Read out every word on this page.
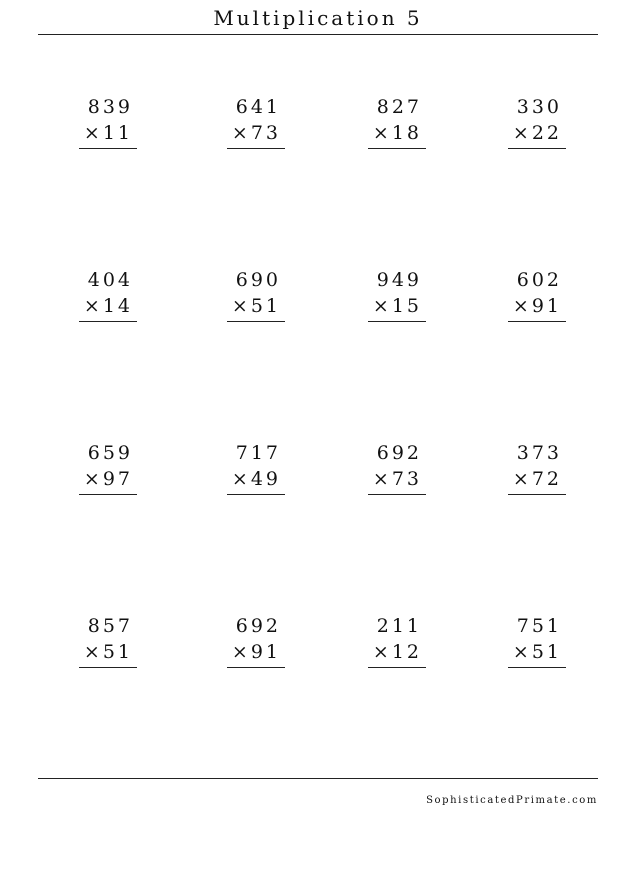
Multiplication 5
839
× 11
641
× 73
827
× 18
330
× 22
404
× 14
690
× 51
949
× 15
602
× 91
659
× 97
717
× 49
692
× 73
373
× 72
857
× 51
692
× 91
211
× 12
751
× 51
SophisticatedPrimate.com
